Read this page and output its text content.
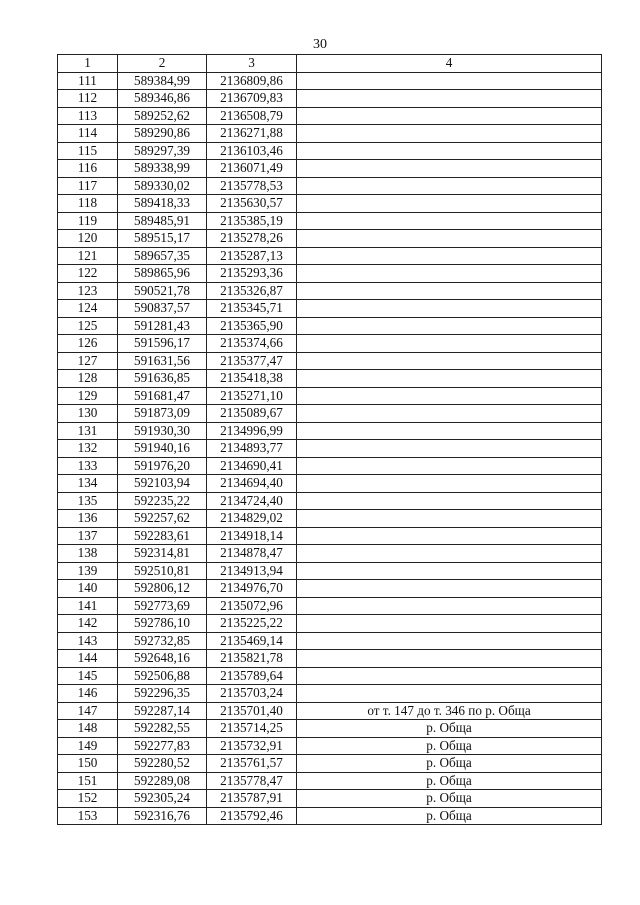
30
1	2	3	4
111	589384,99	2136809,86	
112	589346,86	2136709,83	
113	589252,62	2136508,79	
114	589290,86	2136271,88	
115	589297,39	2136103,46	
116	589338,99	2136071,49	
117	589330,02	2135778,53	
118	589418,33	2135630,57	
119	589485,91	2135385,19	
120	589515,17	2135278,26	
121	589657,35	2135287,13	
122	589865,96	2135293,36	
123	590521,78	2135326,87	
124	590837,57	2135345,71	
125	591281,43	2135365,90	
126	591596,17	2135374,66	
127	591631,56	2135377,47	
128	591636,85	2135418,38	
129	591681,47	2135271,10	
130	591873,09	2135089,67	
131	591930,30	2134996,99	
132	591940,16	2134893,77	
133	591976,20	2134690,41	
134	592103,94	2134694,40	
135	592235,22	2134724,40	
136	592257,62	2134829,02	
137	592283,61	2134918,14	
138	592314,81	2134878,47	
139	592510,81	2134913,94	
140	592806,12	2134976,70	
141	592773,69	2135072,96	
142	592786,10	2135225,22	
143	592732,85	2135469,14	
144	592648,16	2135821,78	
145	592506,88	2135789,64	
146	592296,35	2135703,24	
147	592287,14	2135701,40	от т. 147 до т. 346 по р. Обща
148	592282,55	2135714,25	р. Обща
149	592277,83	2135732,91	р. Обща
150	592280,52	2135761,57	р. Обща
151	592289,08	2135778,47	р. Обща
152	592305,24	2135787,91	р. Обща
153	592316,76	2135792,46	р. Обща
